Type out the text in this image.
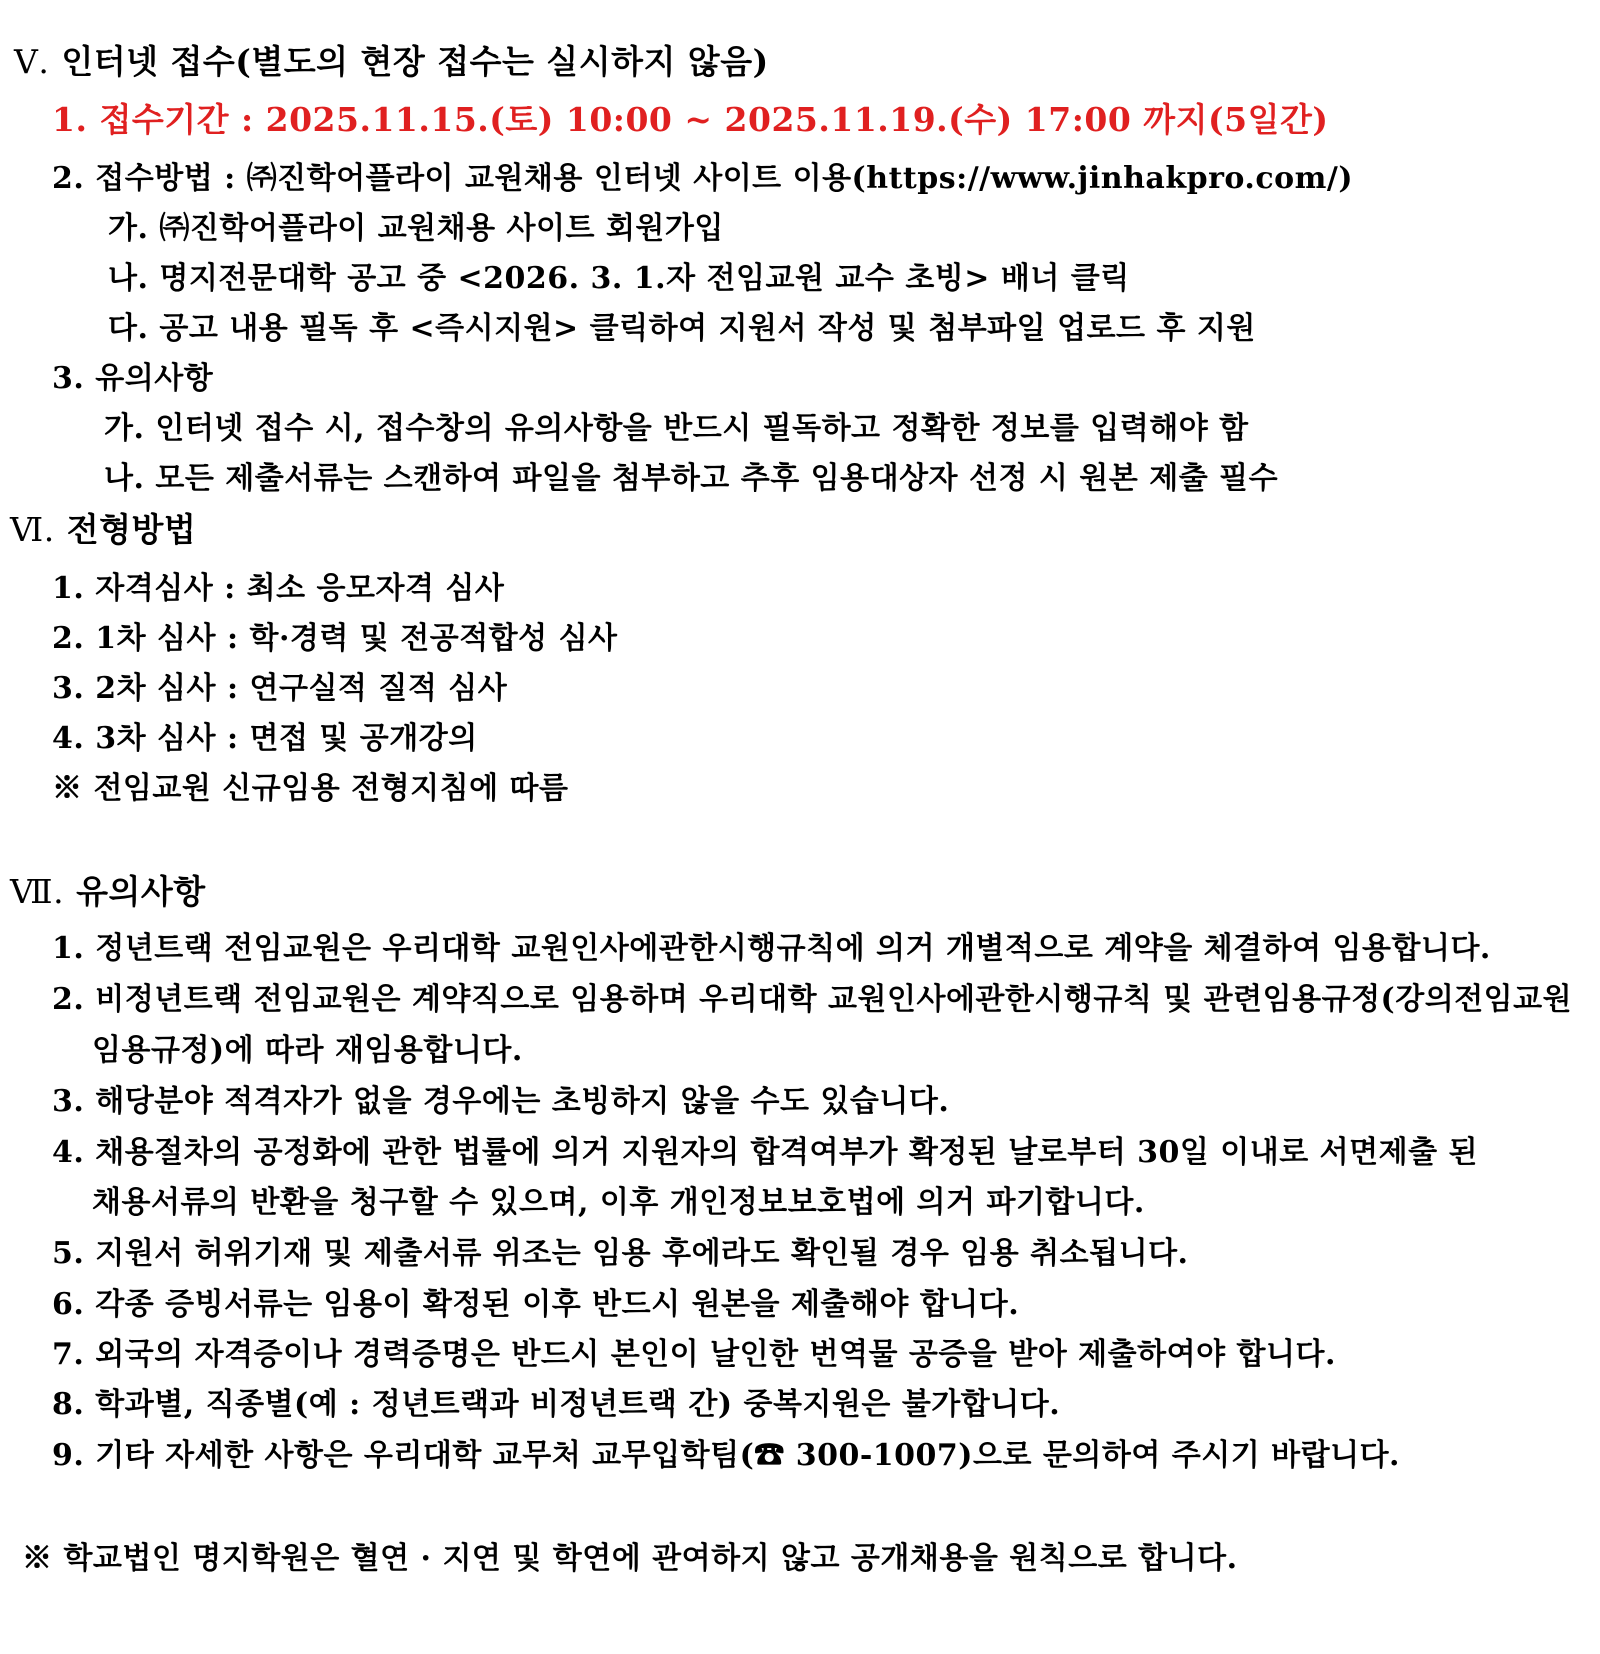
Ⅴ. 인터넷 접수(별도의 현장 접수는 실시하지 않음)
1. 접수기간 : 2025.11.15.(토) 10:00 ~ 2025.11.19.(수) 17:00 까지(5일간)
2. 접수방법 : ㈜진학어플라이 교원채용 인터넷 사이트 이용(https://www.jinhakpro.com/)
가. ㈜진학어플라이 교원채용 사이트 회원가입
나. 명지전문대학 공고 중 <2026. 3. 1.자 전임교원 교수 초빙> 배너 클릭
다. 공고 내용 필독 후 <즉시지원> 클릭하여 지원서 작성 및 첨부파일 업로드 후 지원
3. 유의사항
가. 인터넷 접수 시, 접수창의 유의사항을 반드시 필독하고 정확한 정보를 입력해야 함
나. 모든 제출서류는 스캔하여 파일을 첨부하고 추후 임용대상자 선정 시 원본 제출 필수
Ⅵ. 전형방법
1. 자격심사 : 최소 응모자격 심사
2. 1차 심사 : 학·경력 및 전공적합성 심사
3. 2차 심사 : 연구실적 질적 심사
4. 3차 심사 : 면접 및 공개강의
※ 전임교원 신규임용 전형지침에 따름
Ⅶ. 유의사항
1. 정년트랙 전임교원은 우리대학 교원인사에관한시행규칙에 의거 개별적으로 계약을 체결하여 임용합니다.
2. 비정년트랙 전임교원은 계약직으로 임용하며 우리대학 교원인사에관한시행규칙 및 관련임용규정(강의전임교원
임용규정)에 따라 재임용합니다.
3. 해당분야 적격자가 없을 경우에는 초빙하지 않을 수도 있습니다.
4. 채용절차의 공정화에 관한 법률에 의거 지원자의 합격여부가 확정된 날로부터 30일 이내로 서면제출 된
채용서류의 반환을 청구할 수 있으며, 이후 개인정보보호법에 의거 파기합니다.
5. 지원서 허위기재 및 제출서류 위조는 임용 후에라도 확인될 경우 임용 취소됩니다.
6. 각종 증빙서류는 임용이 확정된 이후 반드시 원본을 제출해야 합니다.
7. 외국의 자격증이나 경력증명은 반드시 본인이 날인한 번역물 공증을 받아 제출하여야 합니다.
8. 학과별, 직종별(예 : 정년트랙과 비정년트랙 간) 중복지원은 불가합니다.
9. 기타 자세한 사항은 우리대학 교무처 교무입학팀(☎ 300-1007)으로 문의하여 주시기 바랍니다.
※ 학교법인 명지학원은 혈연 · 지연 및 학연에 관여하지 않고 공개채용을 원칙으로 합니다.
